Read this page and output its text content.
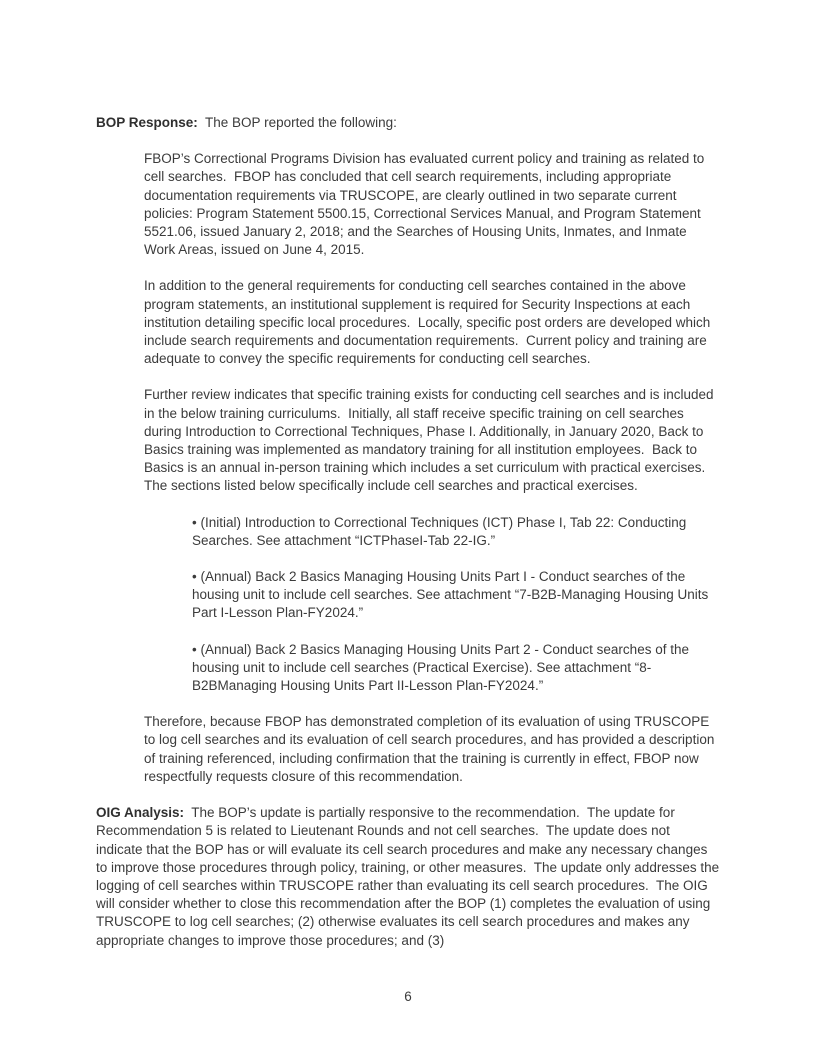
BOP Response:  The BOP reported the following:

FBOP’s Correctional Programs Division has evaluated current policy and training as related to cell searches.  FBOP has concluded that cell search requirements, including appropriate documentation requirements via TRUSCOPE, are clearly outlined in two separate current policies: Program Statement 5500.15, Correctional Services Manual, and Program Statement 5521.06, issued January 2, 2018; and the Searches of Housing Units, Inmates, and Inmate Work Areas, issued on June 4, 2015.

In addition to the general requirements for conducting cell searches contained in the above program statements, an institutional supplement is required for Security Inspections at each institution detailing specific local procedures.  Locally, specific post orders are developed which include search requirements and documentation requirements.  Current policy and training are adequate to convey the specific requirements for conducting cell searches.

Further review indicates that specific training exists for conducting cell searches and is included in the below training curriculums.  Initially, all staff receive specific training on cell searches during Introduction to Correctional Techniques, Phase I. Additionally, in January 2020, Back to Basics training was implemented as mandatory training for all institution employees.  Back to Basics is an annual in-person training which includes a set curriculum with practical exercises.  The sections listed below specifically include cell searches and practical exercises.

• (Initial) Introduction to Correctional Techniques (ICT) Phase I, Tab 22: Conducting Searches. See attachment “ICTPhaseI-Tab 22-IG.”

• (Annual) Back 2 Basics Managing Housing Units Part I - Conduct searches of the housing unit to include cell searches. See attachment “7-B2B-Managing Housing Units Part I-Lesson Plan-FY2024.”

• (Annual) Back 2 Basics Managing Housing Units Part 2 - Conduct searches of the housing unit to include cell searches (Practical Exercise). See attachment “8-B2BManaging Housing Units Part II-Lesson Plan-FY2024.”

Therefore, because FBOP has demonstrated completion of its evaluation of using TRUSCOPE to log cell searches and its evaluation of cell search procedures, and has provided a description of training referenced, including confirmation that the training is currently in effect, FBOP now respectfully requests closure of this recommendation.

OIG Analysis:  The BOP’s update is partially responsive to the recommendation.  The update for Recommendation 5 is related to Lieutenant Rounds and not cell searches.  The update does not indicate that the BOP has or will evaluate its cell search procedures and make any necessary changes to improve those procedures through policy, training, or other measures.  The update only addresses the logging of cell searches within TRUSCOPE rather than evaluating its cell search procedures.  The OIG will consider whether to close this recommendation after the BOP (1) completes the evaluation of using TRUSCOPE to log cell searches; (2) otherwise evaluates its cell search procedures and makes any appropriate changes to improve those procedures; and (3)

6
